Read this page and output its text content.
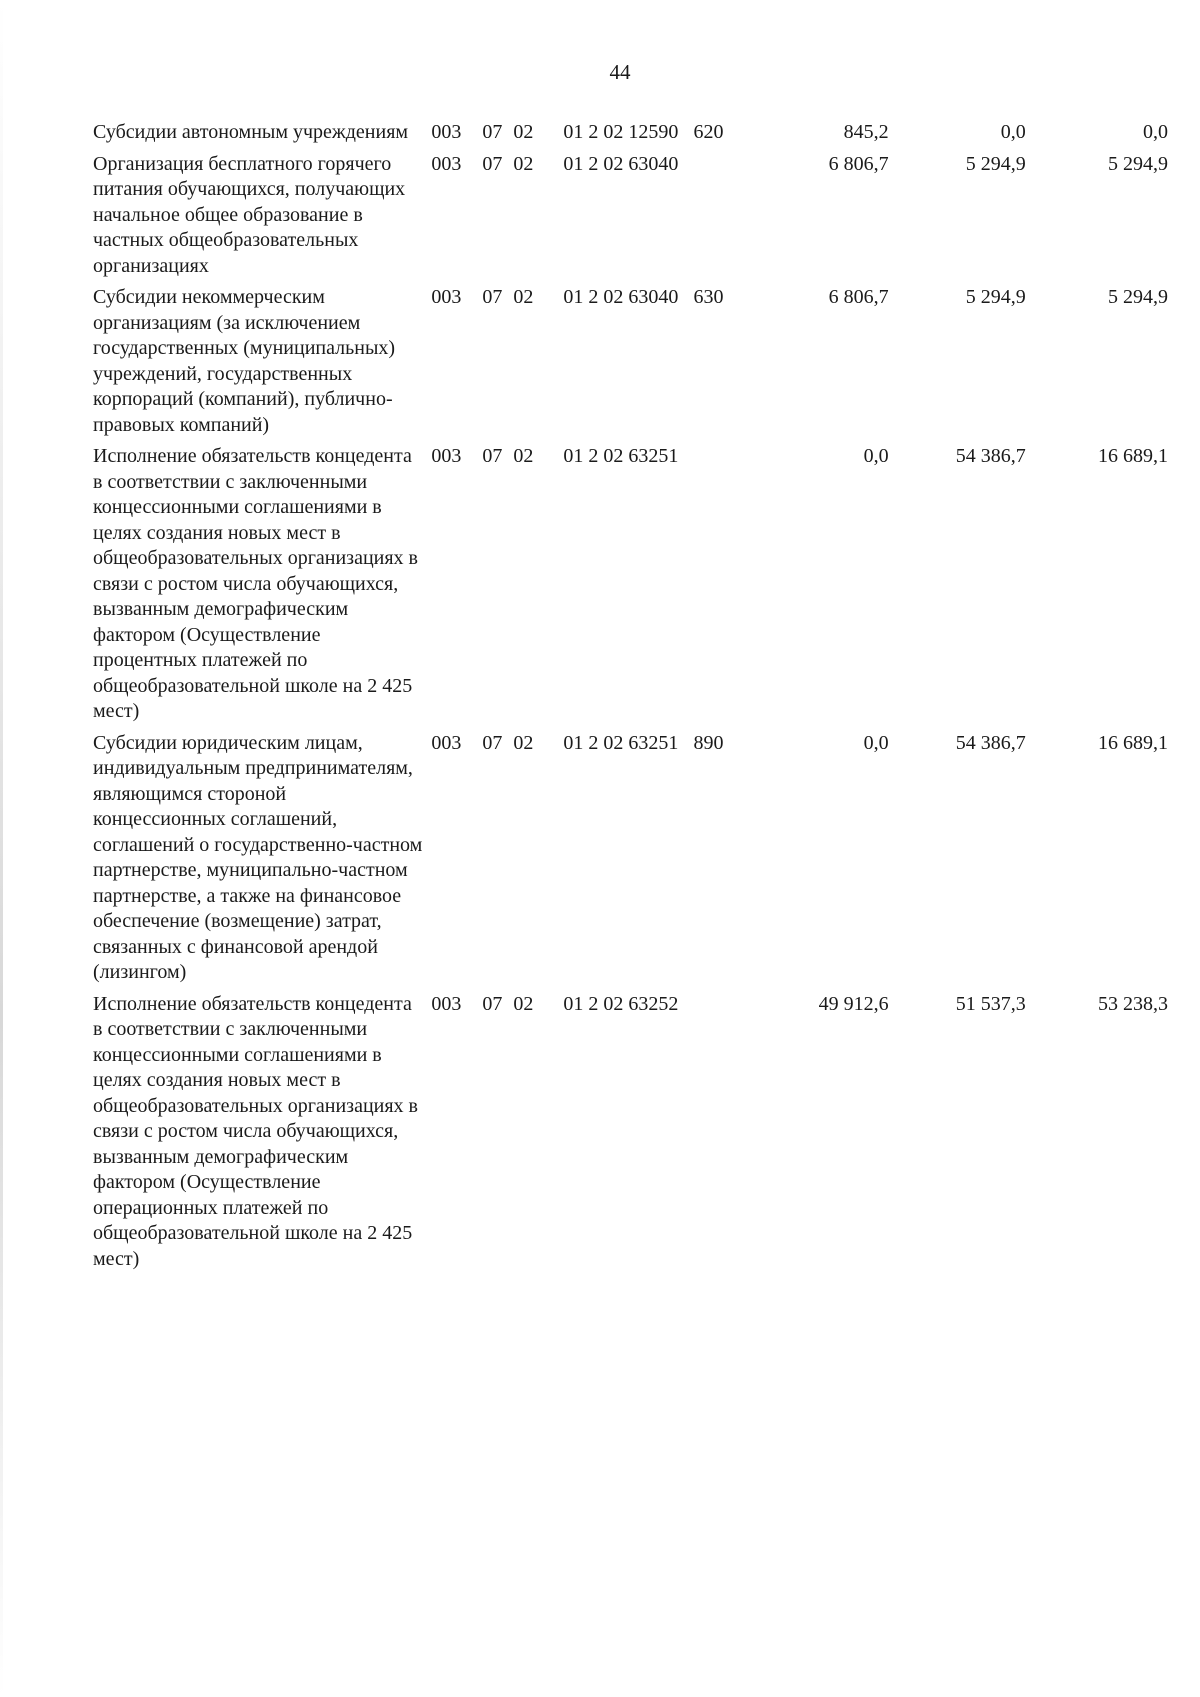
44
Субсидии автономным учреждениям	003	07	02	01 2 02 12590	620	845,2	0,0	0,0
Организация бесплатного горячего питания обучающихся, получающих начальное общее образование в частных общеобразовательных организациях	003	07	02	01 2 02 63040		6 806,7	5 294,9	5 294,9
Субсидии некоммерческим организациям (за исключением государственных (муниципальных) учреждений, государственных корпораций (компаний), публично-правовых компаний)	003	07	02	01 2 02 63040	630	6 806,7	5 294,9	5 294,9
Исполнение обязательств концедента в соответствии с заключенными концессионными соглашениями в целях создания новых мест в общеобразовательных организациях в связи с ростом числа обучающихся, вызванным демографическим фактором (Осуществление процентных платежей по общеобразовательной школе на 2 425 мест)	003	07	02	01 2 02 63251		0,0	54 386,7	16 689,1
Субсидии юридическим лицам, индивидуальным предпринимателям, являющимся стороной концессионных соглашений, соглашений о государственно-частном партнерстве, муниципально-частном партнерстве, а также на финансовое обеспечение (возмещение) затрат, связанных с финансовой арендой (лизингом)	003	07	02	01 2 02 63251	890	0,0	54 386,7	16 689,1
Исполнение обязательств концедента в соответствии с заключенными концессионными соглашениями в целях создания новых мест в общеобразовательных организациях в связи с ростом числа обучающихся, вызванным демографическим фактором (Осуществление операционных платежей по общеобразовательной школе на 2 425 мест)	003	07	02	01 2 02 63252		49 912,6	51 537,3	53 238,3
